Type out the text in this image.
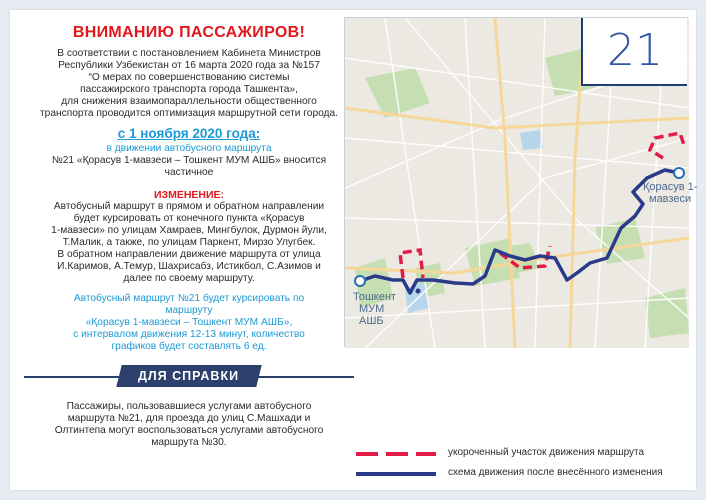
ВНИМАНИЮ ПАССАЖИРОВ!
В соответствии с постановлением Кабинета Министров
Республики Узбекистан от 16 марта 2020 года за №157
“О мерах по совершенствованию системы
пассажирского транспорта города Ташкента»,
для снижения взаимопараллельности общественного
транспорта проводится оптимизация маршрутной сети города.
с 1 ноября 2020 года:
в движении автобусного маршрута
№21 «Қорасув 1-мавзеси – Тошкент МУМ АШБ» вносится
частичное
ИЗМЕНЕНИЕ:
Автобусный маршрут в прямом и обратном направлении
будет курсировать от конечного пункта «Қорасув
1-мавзеси» по улицам Хамраев, Мингбулок, Дурмон йули,
Т.Малик, а также, по улицам Паркент, Мирзо Улугбек.
В обратном направлении движение маршрута от улица
И.Каримов, А.Темур, Шахрисабз, Истикбол, С.Азимов и
далее по своему маршруту.
Автобусный маршрут №21 будет курсировать по
маршруту
«Қорасув 1-мавзеси – Тошкент МУМ АШБ»,
с интервалом движения 12-13 минут, количество
графиков будет составлять 6 ед.
ДЛЯ СПРАВКИ
Пассажиры, пользовавшиеся услугами автобусного
маршрута №21, для проезда до улиц С.Машхади и
Олтинтепа могут воспользоваться услугами автобусного
маршрута №30.
Қорасув 1-
мавзеси
Тошкент
МУМ
АШБ
21
укороченный участок движения маршрута
схема движения после внесённого изменения
